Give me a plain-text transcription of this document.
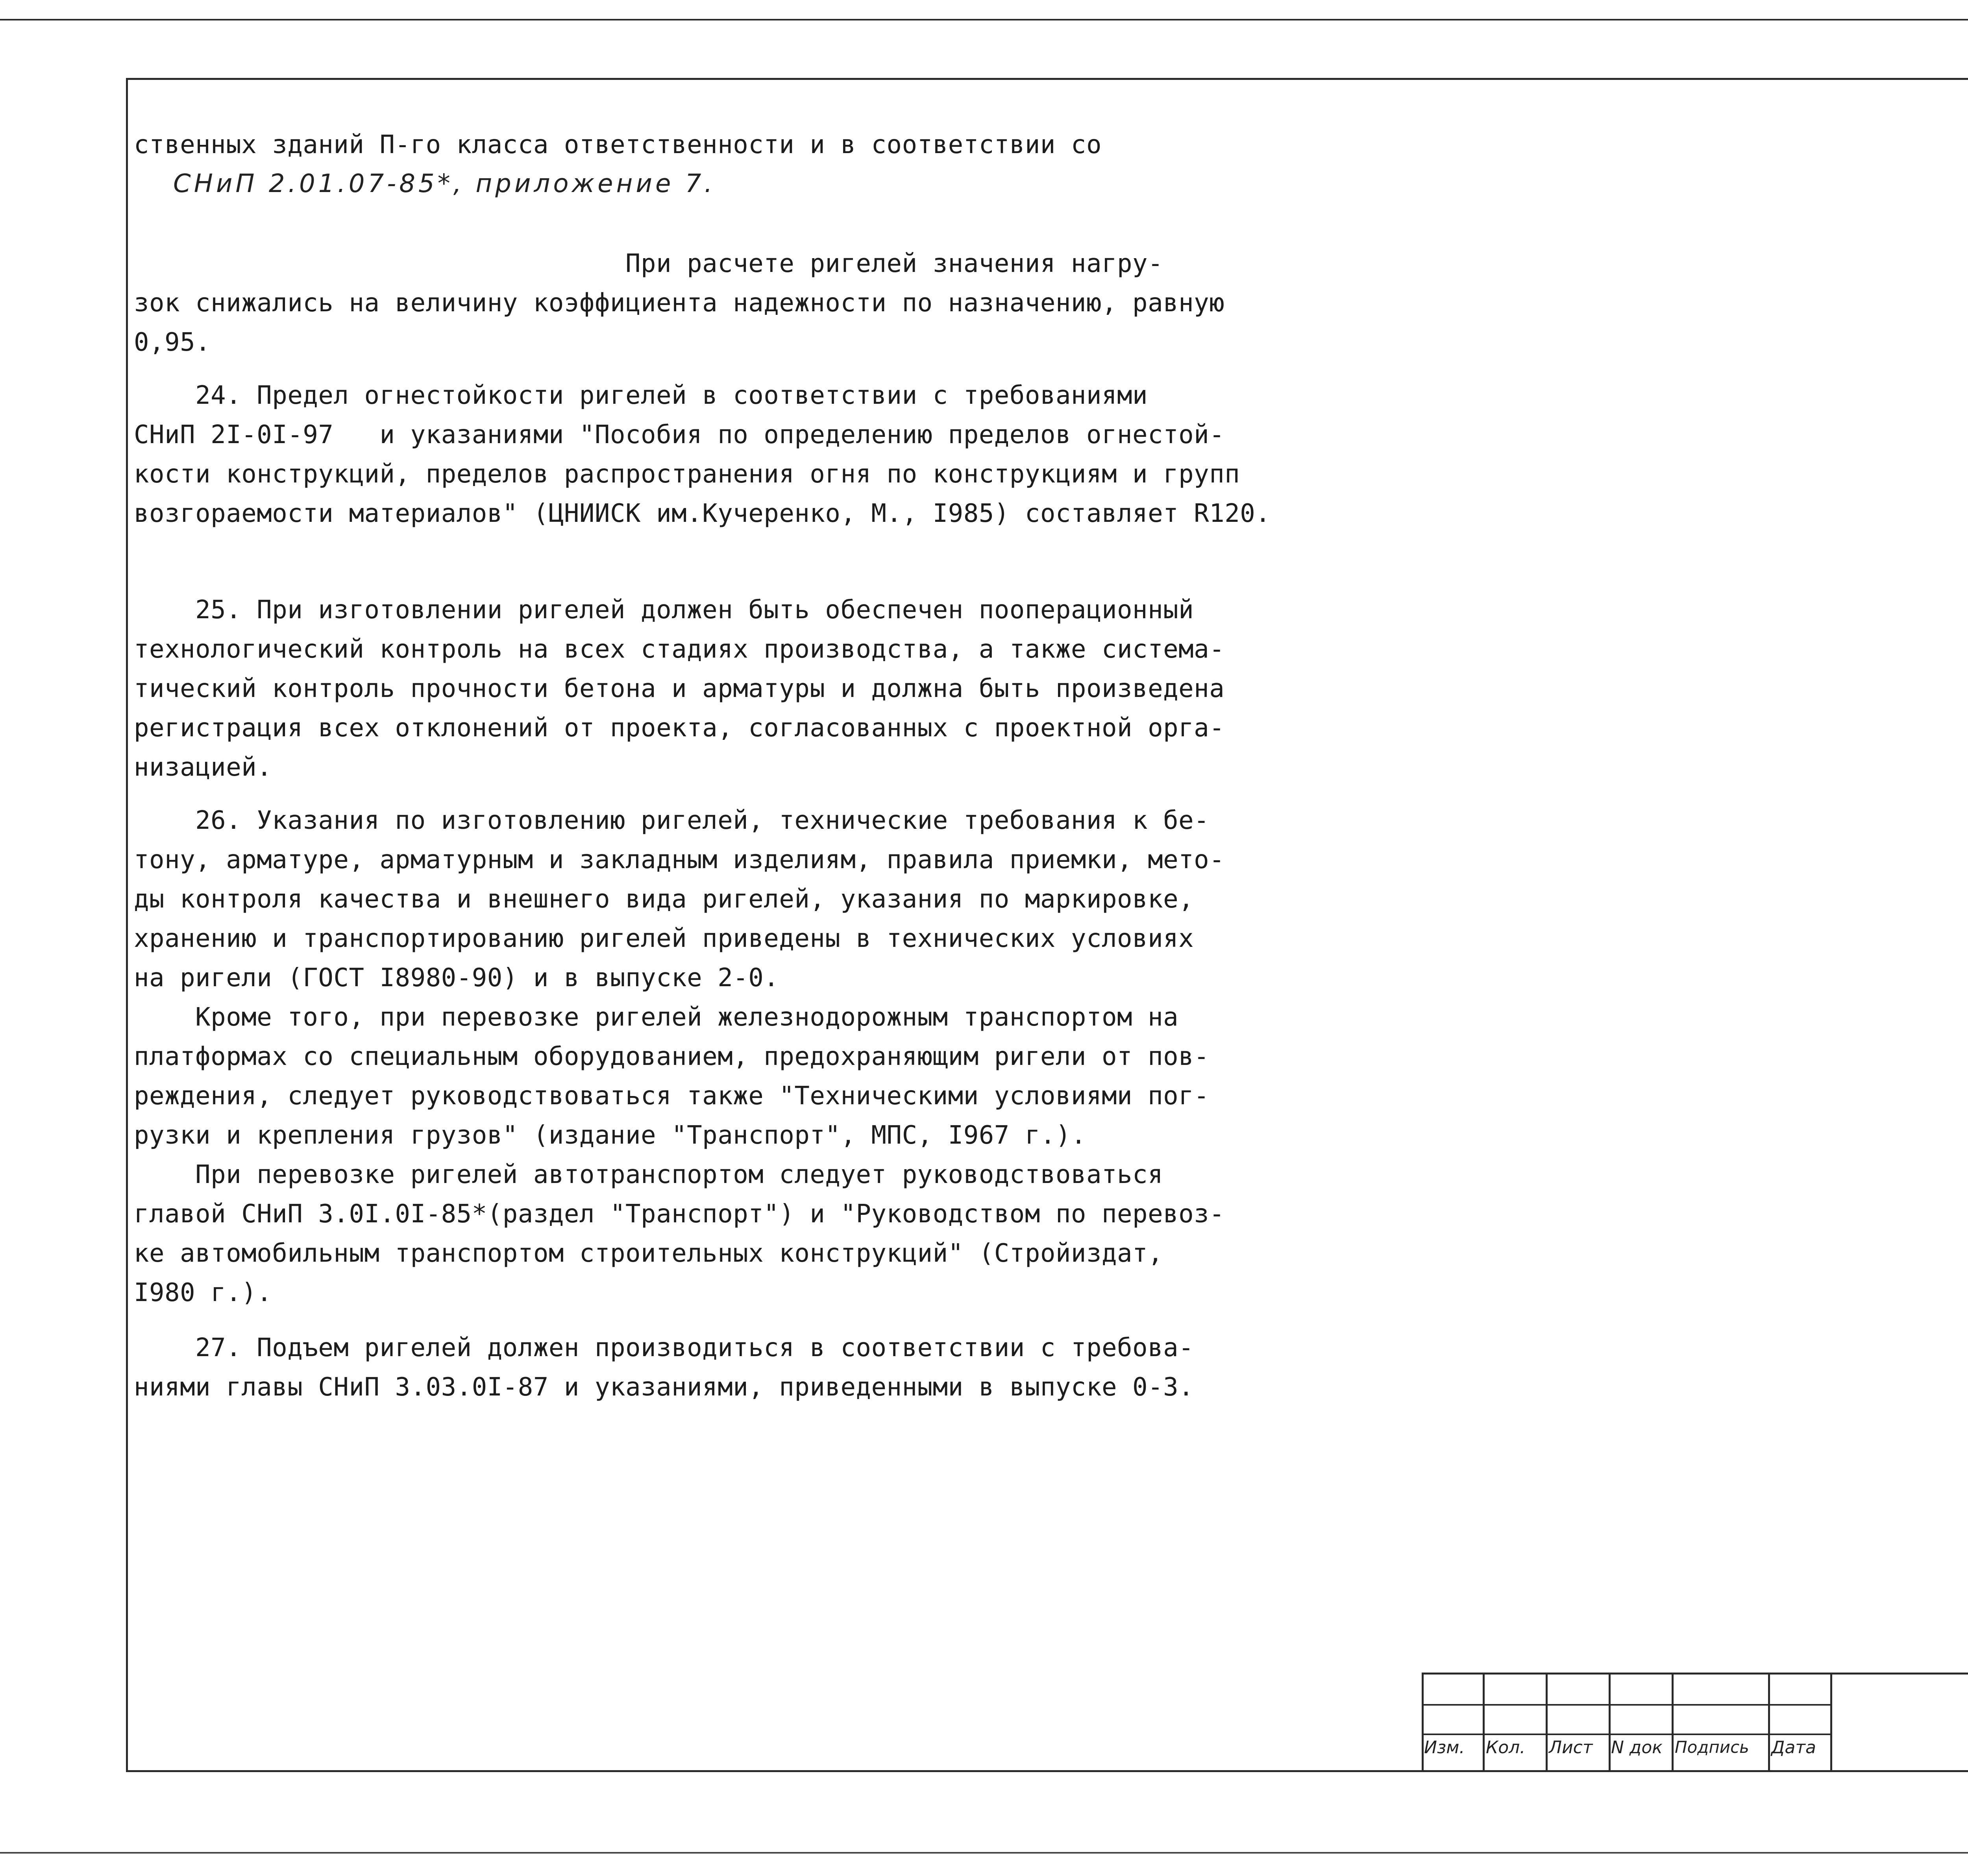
ственных зданий П-го класса ответственности и в соответствии со
СНиП 2.01.07-85*, приложение 7.
При расчете ригелей значения нагру-
зок снижались на величину коэффициента надежности по назначению, равную
0,95.
24. Предел огнестойкости ригелей в соответствии с требованиями
СНиП 2I-0I-97   и указаниями "Пособия по определению пределов огнестой-
кости конструкций, пределов распространения огня по конструкциям и групп
возгораемости материалов" (ЦНИИСК им.Кучеренко, М., I985) составляет R120.
25. При изготовлении ригелей должен быть обеспечен пооперационный
технологический контроль на всех стадиях производства, а также системa-
тический контроль прочности бетона и арматуры и должна быть произведена
регистрация всех отклонений от проекта, согласованных с проектной орга-
низацией.
26. Указания по изготовлению ригелей, технические требования к бе-
тону, арматуре, арматурным и закладным изделиям, правила приемки, мето-
ды контроля качества и внешнего вида ригелей, указания по маркировке,
хранению и транспортированию ригелей приведены в технических условиях
на ригели (ГОСТ I8980-90) и в выпуске 2-0.
Кроме того, при перевозке ригелей железнодорожным транспортом на
платформах со специальным оборудованием, предохраняющим ригели от пов-
реждения, следует руководствоваться также "Техническими условиями пог-
рузки и крепления грузов" (издание "Транспорт", МПС, I967 г.).
При перевозке ригелей автотранспортом следует руководствоваться
главой СНиП 3.0I.0I-85*(раздел "Транспорт") и "Руководством по перевоз-
ке автомобильным транспортом строительных конструкций" (Стройиздат,
I980 г.).
27. Подъем ригелей должен производиться в соответствии с требова-
ниями главы СНиП 3.03.0I-87 и указаниями, приведенными в выпуске 0-3.
Изм. Кол. Лист N док Подпись Дата
